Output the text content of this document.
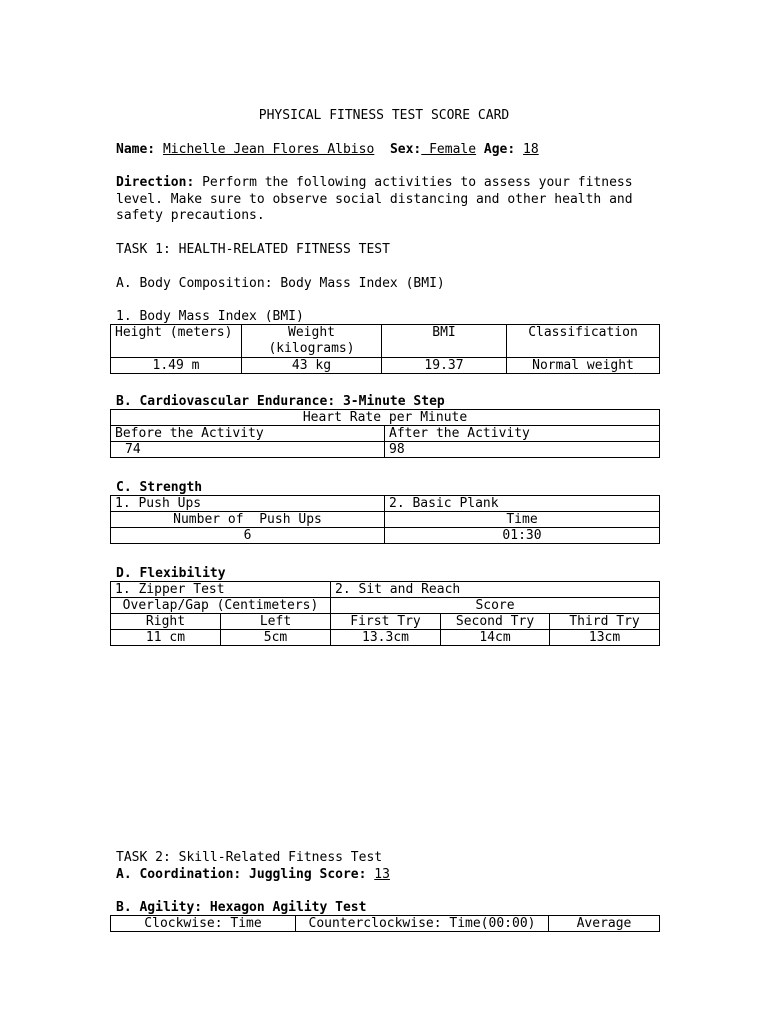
PHYSICAL FITNESS TEST SCORE CARD
Name: Michelle Jean Flores Albiso Sex: Female Age: 18
Direction: Perform the following activities to assess your fitness level. Make sure to observe social distancing and other health and safety precautions.
TASK 1: HEALTH-RELATED FITNESS TEST
A. Body Composition: Body Mass Index (BMI)
1. Body Mass Index (BMI)
Height (meters)	Weight (kilograms)	BMI	Classification
1.49 m	43 kg	19.37	Normal weight
B. Cardiovascular Endurance: 3-Minute Step
Heart Rate per Minute	
Before the Activity	After the Activity
74	98
C. Strength
1. Push Ups	2. Basic Plank
Number of  Push Ups	Time
6	01:30
D. Flexibility
1. Zipper Test		2. Sit and Reach		
Overlap/Gap (Centimeters)		Score		
Right	Left	First Try	Second Try	Third Try
11 cm	5cm	13.3cm	14cm	13cm
TASK 2: Skill-Related Fitness Test
A. Coordination: Juggling Score: 13
B. Agility: Hexagon Agility Test
Clockwise: Time	Counterclockwise: Time(00:00)	Average
